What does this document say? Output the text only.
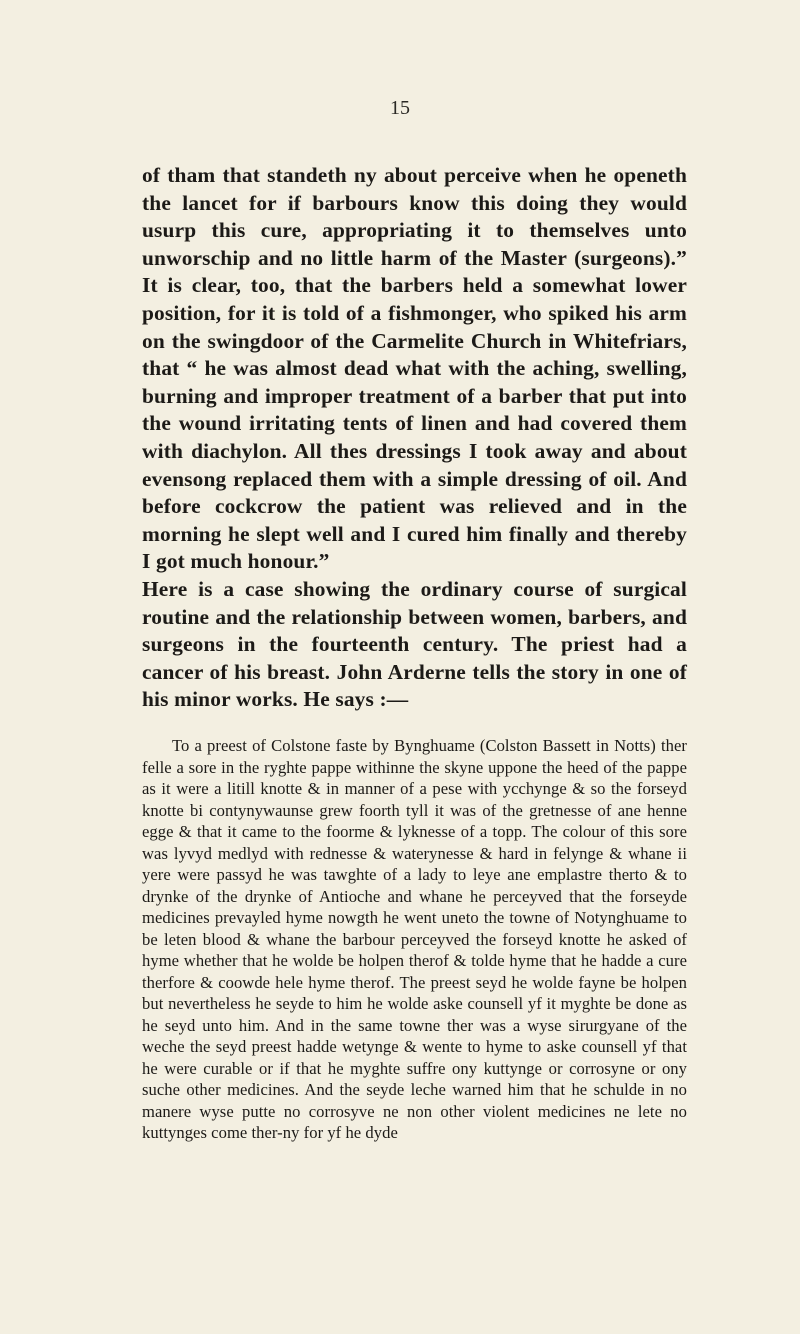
15

of tham that standeth ny about perceive when he openeth the lancet for if barbours know this doing they would usurp this cure, appropriating it to themselves unto unworschip and no little harm of the Master (surgeons).” It is clear, too, that the barbers held a somewhat lower position, for it is told of a fishmonger, who spiked his arm on the swingdoor of the Carmelite Church in Whitefriars, that “ he was almost dead what with the aching, swelling, burning and improper treatment of a barber that put into the wound irritating tents of linen and had covered them with diachylon. All thes dressings I took away and about evensong replaced them with a simple dressing of oil. And before cockcrow the patient was relieved and in the morning he slept well and I cured him finally and thereby I got much honour.”

Here is a case showing the ordinary course of surgical routine and the relationship between women, barbers, and surgeons in the fourteenth century. The priest had a cancer of his breast. John Arderne tells the story in one of his minor works. He says :—

To a preest of Colstone faste by Bynghuame (Colston Bassett in Notts) ther felle a sore in the ryghte pappe withinne the skyne uppone the heed of the pappe as it were a litill knotte & in manner of a pese with ycchynge & so the forseyd knotte bi contynywaunse grew foorth tyll it was of the gretnesse of ane henne egge & that it came to the foorme & lyknesse of a topp. The colour of this sore was lyvyd medlyd with rednesse & waterynesse & hard in felynge & whane ii yere were passyd he was tawghte of a lady to leye ane emplastre therto & to drynke of the drynke of Antioche and whane he perceyved that the forseyde medicines prevayled hyme nowgth he went uneto the towne of Notynghuame to be leten blood & whane the barbour perceyved the forseyd knotte he asked of hyme whether that he wolde be holpen therof & tolde hyme that he hadde a cure therfore & coowde hele hyme therof. The preest seyd he wolde fayne be holpen but nevertheless he seyde to him he wolde aske counsell yf it myghte be done as he seyd unto him. And in the same towne ther was a wyse sirurgyane of the weche the seyd preest hadde wetynge & wente to hyme to aske counsell yf that he were curable or if that he myghte suffre ony kuttynge or corrosyne or ony suche other medicines. And the seyde leche warned him that he schulde in no manere wyse putte no corrosyve ne non other violent medicines ne lete no kuttynges come ther-ny for yf he dyde
